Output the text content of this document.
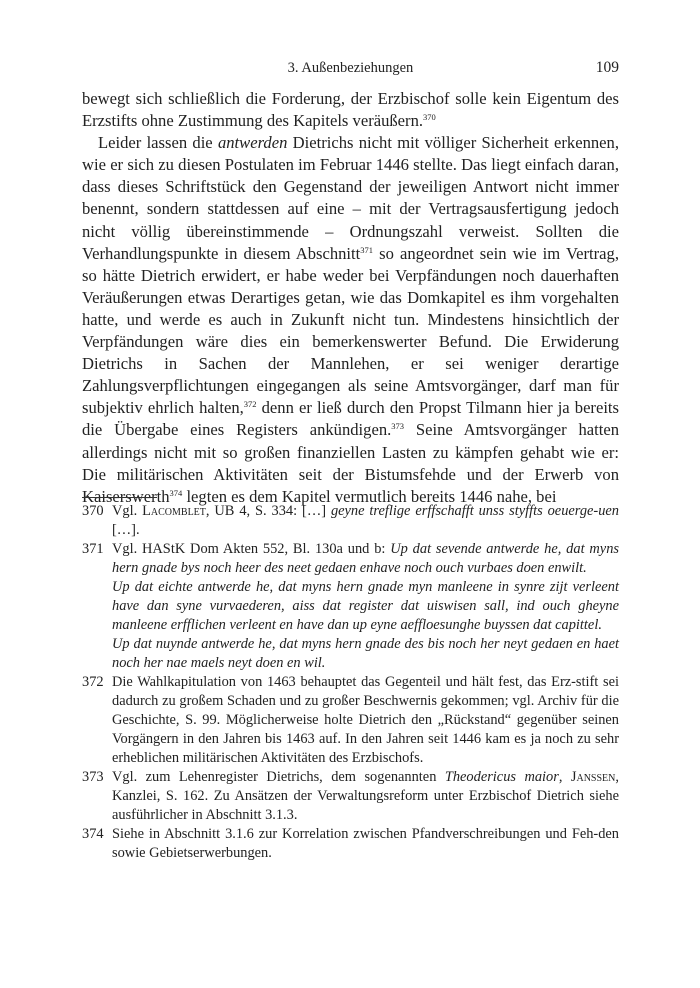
3. Außenbeziehungen	109

bewegt sich schließlich die Forderung, der Erzbischof solle kein Eigentum des Erzstifts ohne Zustimmung des Kapitels veräußern.$^{370}$

Leider lassen die antwerden Dietrichs nicht mit völliger Sicherheit erkennen, wie er sich zu diesen Postulaten im Februar 1446 stellte. Das liegt einfach daran, dass dieses Schriftstück den Gegenstand der jeweiligen Antwort nicht immer benennt, sondern stattdessen auf eine – mit der Vertragsausfertigung jedoch nicht völlig übereinstimmende – Ordnungszahl verweist. Sollten die Verhandlungspunkte in diesem Abschnitt$^{371}$ so angeordnet sein wie im Vertrag, so hätte Dietrich erwidert, er habe weder bei Verpfändungen noch dauerhaften Veräußerungen etwas Derartiges getan, wie das Domkapitel es ihm vorgehalten hatte, und werde es auch in Zukunft nicht tun. Mindestens hinsichtlich der Verpfändungen wäre dies ein bemerkenswerter Befund. Die Erwiderung Dietrichs in Sachen der Mannlehen, er sei weniger derartige Zahlungsverpflichtungen eingegangen als seine Amtsvorgänger, darf man für subjektiv ehrlich halten,$^{372}$ denn er ließ durch den Propst Tilmann hier ja bereits die Übergabe eines Registers ankündigen.$^{373}$ Seine Amtsvorgänger hatten allerdings nicht mit so großen finanziellen Lasten zu kämpfen gehabt wie er: Die militärischen Aktivitäten seit der Bistumsfehde und der Erwerb von Kaiserswerth$^{374}$ legten es dem Kapitel vermutlich bereits 1446 nahe, bei

370 Vgl. Lacomblet, UB 4, S. 334: […] geyne treflige erffschafft unss styffts oeuerge-uen […].
371 Vgl. HAStK Dom Akten 552, Bl. 130a und b: Up dat sevende antwerde he, dat myns hern gnade bys noch heer des neet gedaen enhave noch ouch vurbaes doen enwilt.
Up dat eichte antwerde he, dat myns hern gnade myn manleene in synre zijt verleent have dan syne vurvaederen, aiss dat register dat uiswisen sall, ind ouch gheyne manleene erfflichen verleent en have dan up eyne aeffloesunghe buyssen dat capittel.
Up dat nuynde antwerde he, dat myns hern gnade des bis noch her neyt gedaen en haet noch her nae maels neyt doen en wil.
372 Die Wahlkapitulation von 1463 behauptet das Gegenteil und hält fest, das Erz-stift sei dadurch zu großem Schaden und zu großer Beschwernis gekommen; vgl. Archiv für die Geschichte, S. 99. Möglicherweise holte Dietrich den „Rückstand“ gegenüber seinen Vorgängern in den Jahren bis 1463 auf. In den Jahren seit 1446 kam es ja noch zu sehr erheblichen militärischen Aktivitäten des Erzbischofs.
373 Vgl. zum Lehenregister Dietrichs, dem sogenannten Theodericus maior, Janssen, Kanzlei, S. 162. Zu Ansätzen der Verwaltungsreform unter Erzbischof Dietrich siehe ausführlicher in Abschnitt 3.1.3.
374 Siehe in Abschnitt 3.1.6 zur Korrelation zwischen Pfandverschreibungen und Feh-den sowie Gebietserwerbungen.
